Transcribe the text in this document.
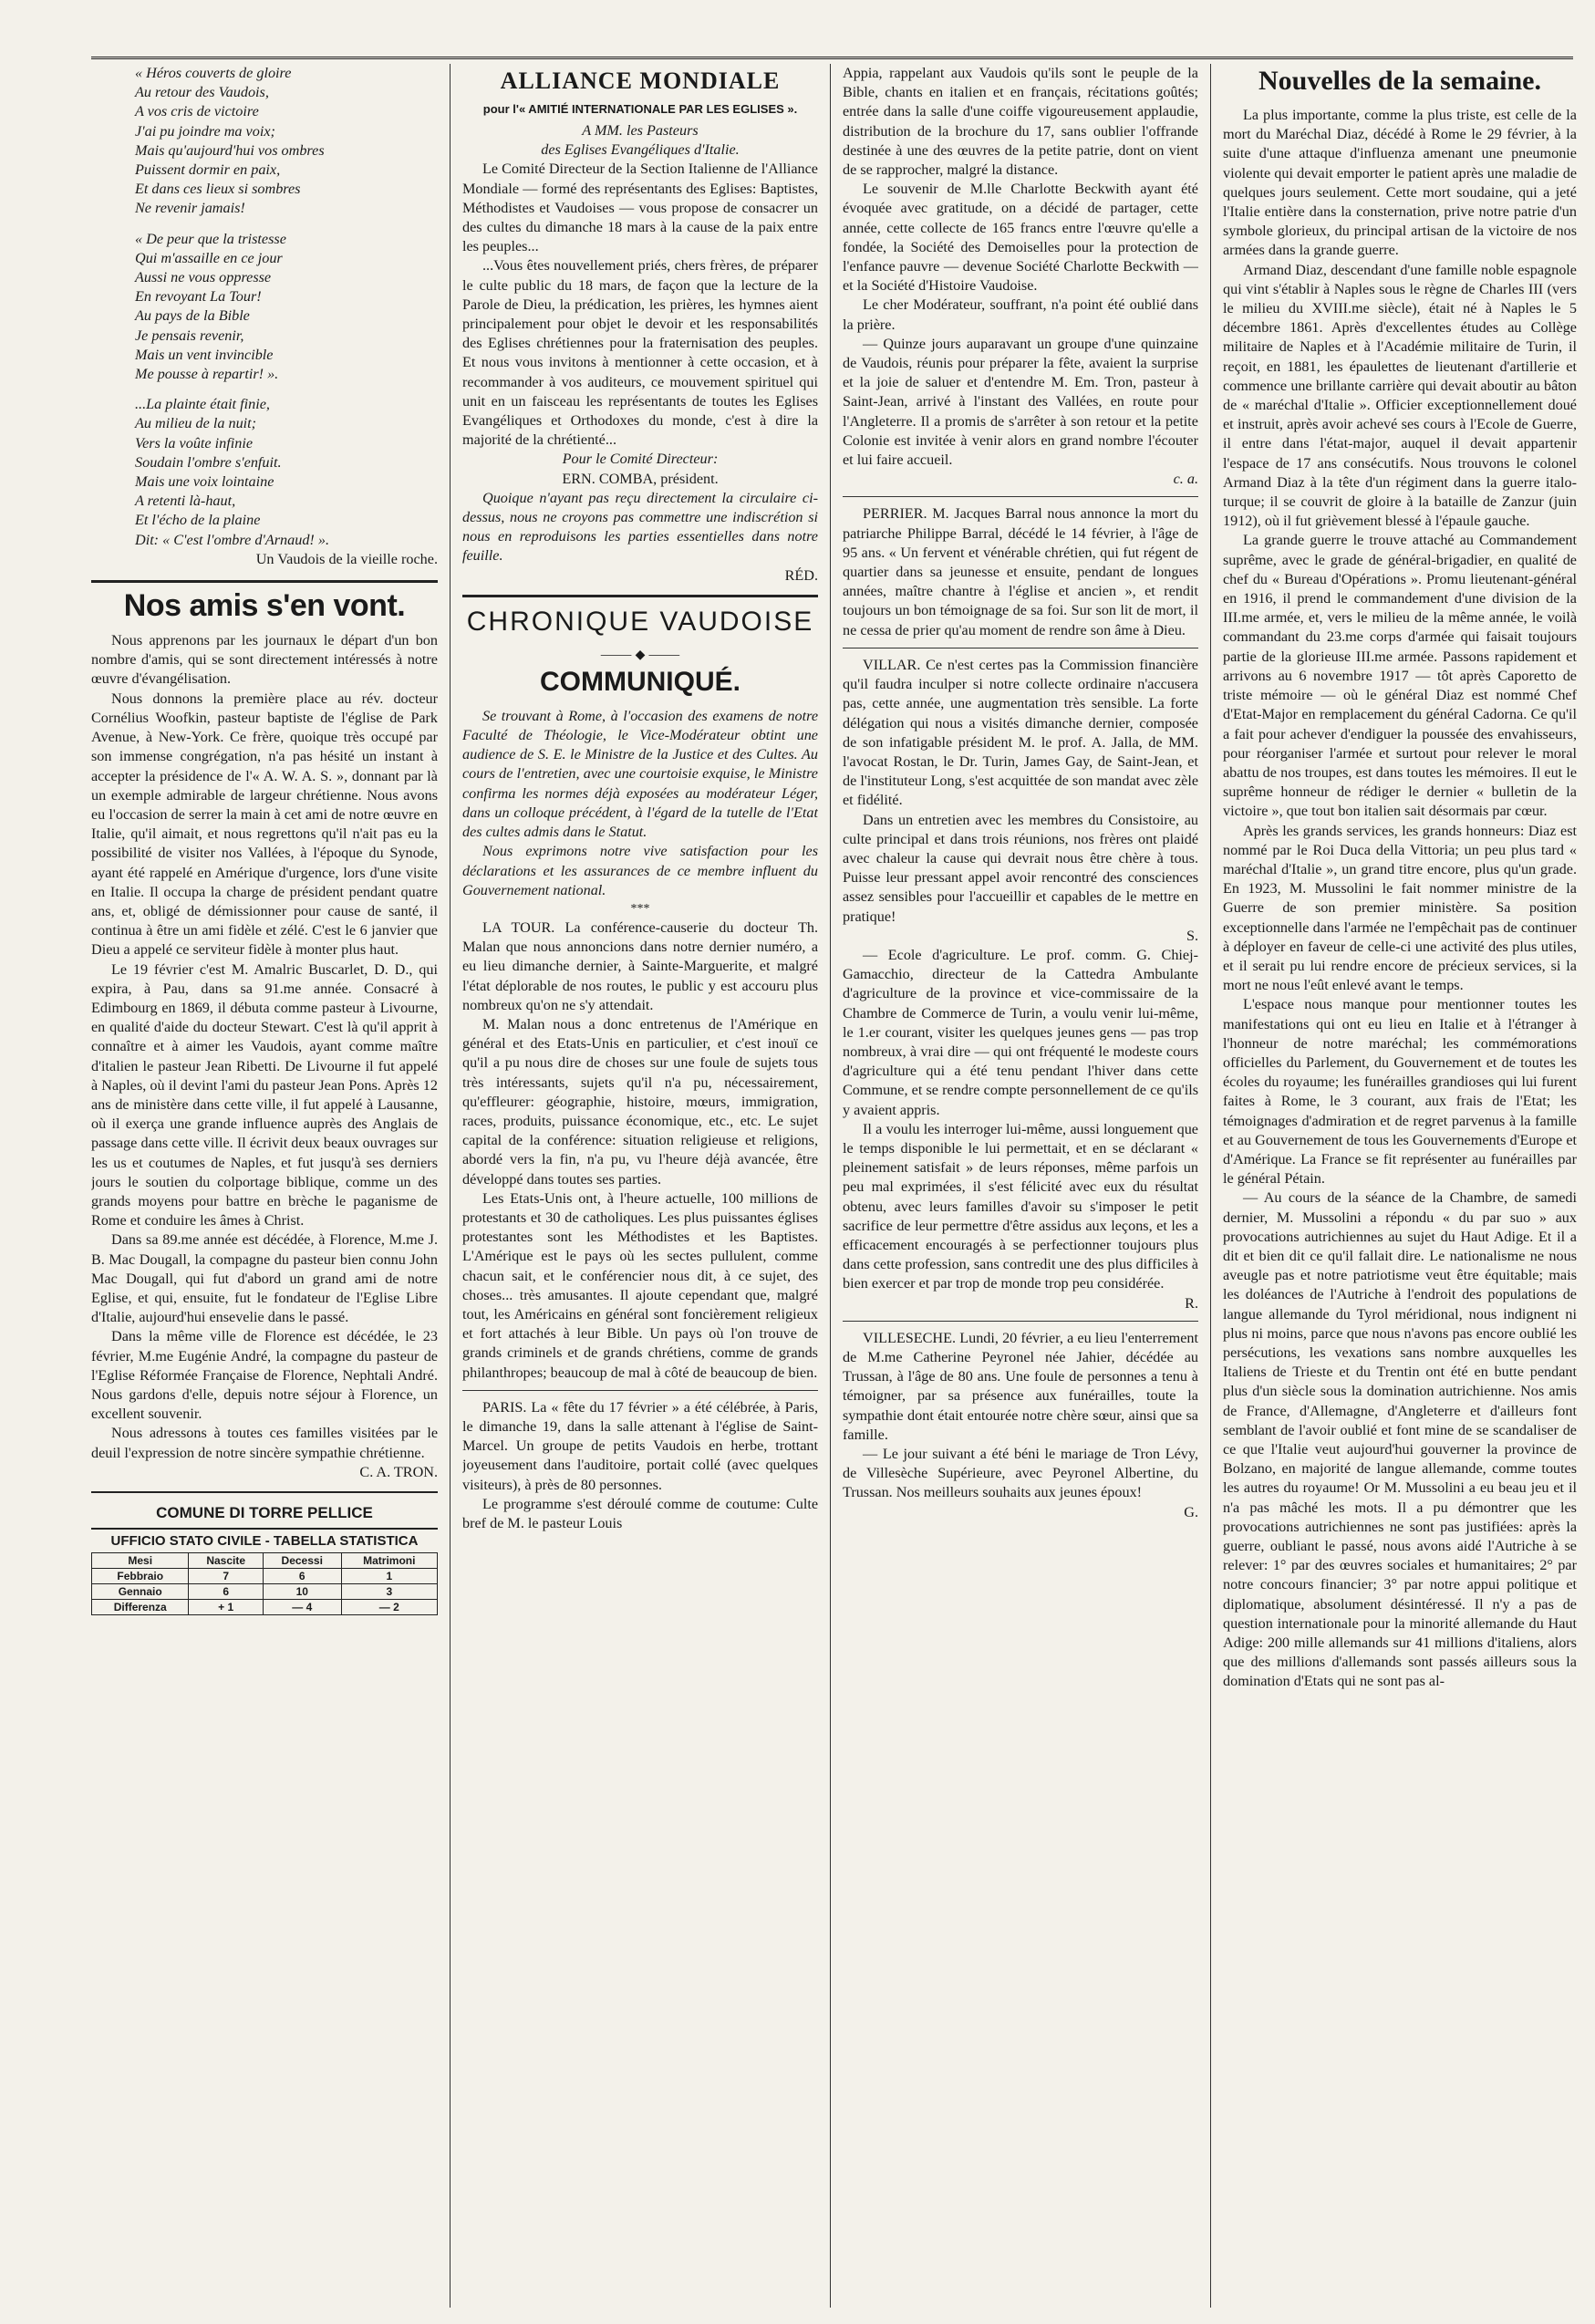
« Héros couverts de gloire

Au retour des Vaudois,

A vos cris de victoire

J'ai pu joindre ma voix;

Mais qu'aujourd'hui vos ombres

Puissent dormir en paix,

Et dans ces lieux si sombres

Ne revenir jamais!

« De peur que la tristesse

Qui m'assaille en ce jour

Aussi ne vous oppresse

En revoyant La Tour!

Au pays de la Bible

Je pensais revenir,

Mais un vent invincible

Me pousse à repartir! ».

...La plainte était finie,

Au milieu de la nuit;

Vers la voûte infinie

Soudain l'ombre s'enfuit.

Mais une voix lointaine

A retenti là-haut,

Et l'écho de la plaine

Dit: « C'est l'ombre d'Arnaud! ».

Un Vaudois de la vieille roche.

Nos amis s'en vont.

Nous apprenons par les journaux le départ d'un bon nombre d'amis, qui se sont directement intéressés à notre œuvre d'évangélisation.

Nous donnons la première place au rév. docteur Cornélius Woofkin, pasteur baptiste de l'église de Park Avenue, à New-York. Ce frère, quoique très occupé par son immense congrégation, n'a pas hésité un instant à accepter la présidence de l'« A. W. A. S. », donnant par là un exemple admirable de largeur chrétienne. Nous avons eu l'occasion de serrer la main à cet ami de notre œuvre en Italie, qu'il aimait, et nous regrettons qu'il n'ait pas eu la possibilité de visiter nos Vallées, à l'époque du Synode, ayant été rappelé en Amérique d'urgence, lors d'une visite en Italie. Il occupa la charge de président pendant quatre ans, et, obligé de démissionner pour cause de santé, il continua à être un ami fidèle et zélé. C'est le 6 janvier que Dieu a appelé ce serviteur fidèle à monter plus haut.

Le 19 février c'est M. Amalric Buscarlet, D. D., qui expira, à Pau, dans sa 91.me année. Consacré à Edimbourg en 1869, il débuta comme pasteur à Livourne, en qualité d'aide du docteur Stewart. C'est là qu'il apprit à connaître et à aimer les Vaudois, ayant comme maître d'italien le pasteur Jean Ribetti. De Livourne il fut appelé à Naples, où il devint l'ami du pasteur Jean Pons. Après 12 ans de ministère dans cette ville, il fut appelé à Lausanne, où il exerça une grande influence auprès des Anglais de passage dans cette ville. Il écrivit deux beaux ouvrages sur les us et coutumes de Naples, et fut jusqu'à ses derniers jours le soutien du colportage biblique, comme un des grands moyens pour battre en brèche le paganisme de Rome et conduire les âmes à Christ.

Dans sa 89.me année est décédée, à Florence, M.me J. B. Mac Dougall, la compagne du pasteur bien connu John Mac Dougall, qui fut d'abord un grand ami de notre Eglise, et qui, ensuite, fut le fondateur de l'Eglise Libre d'Italie, aujourd'hui ensevelie dans le passé.

Dans la même ville de Florence est décédée, le 23 février, M.me Eugénie André, la compagne du pasteur de l'Eglise Réformée Française de Florence, Nephtali André. Nous gardons d'elle, depuis notre séjour à Florence, un excellent souvenir.

Nous adressons à toutes ces familles visitées par le deuil l'expression de notre sincère sympathie chrétienne.

C. A. TRON.

COMUNE DI TORRE PELLICE
UFFICIO STATO CIVILE - TABELLA STATISTICA
Mesi	Nascite	Decessi	Matrimoni
Febbraio	7	6	1
Gennaio	6	10	3
Differenza	+ 1	— 4	— 2
ALLIANCE MONDIALE
pour l'« AMITIÉ INTERNATIONALE PAR LES EGLISES ».

A MM. les Pasteurs

des Eglises Evangéliques d'Italie.

Le Comité Directeur de la Section Italienne de l'Alliance Mondiale — formé des représentants des Eglises: Baptistes, Méthodistes et Vaudoises — vous propose de consacrer un des cultes du dimanche 18 mars à la cause de la paix entre les peuples...

...Vous êtes nouvellement priés, chers frères, de préparer le culte public du 18 mars, de façon que la lecture de la Parole de Dieu, la prédication, les prières, les hymnes aient principalement pour objet le devoir et les responsabilités des Eglises chrétiennes pour la fraternisation des peuples. Et nous vous invitons à mentionner à cette occasion, et à recommander à vos auditeurs, ce mouvement spirituel qui unit en un faisceau les représentants de toutes les Eglises Evangéliques et Orthodoxes du monde, c'est à dire la majorité de la chrétienté...

Pour le Comité Directeur:

ERN. COMBA, président.

Quoique n'ayant pas reçu directement la circulaire ci-dessus, nous ne croyons pas commettre une indiscrétion si nous en reproduisons les parties essentielles dans notre feuille.

RÉD.

CHRONIQUE VAUDOISE
⸻ ◆ ⸻
COMMUNIQUÉ.

Se trouvant à Rome, à l'occasion des examens de notre Faculté de Théologie, le Vice-Modérateur obtint une audience de S. E. le Ministre de la Justice et des Cultes. Au cours de l'entretien, avec une courtoisie exquise, le Ministre confirma les normes déjà exposées au modérateur Léger, dans un colloque précédent, à l'égard de la tutelle de l'Etat des cultes admis dans le Statut.

Nous exprimons notre vive satisfaction pour les déclarations et les assurances de ce membre influent du Gouvernement national.

***

LA TOUR. La conférence-causerie du docteur Th. Malan que nous annoncions dans notre dernier numéro, a eu lieu dimanche dernier, à Sainte-Marguerite, et malgré l'état déplorable de nos routes, le public y est accouru plus nombreux qu'on ne s'y attendait.

M. Malan nous a donc entretenus de l'Amérique en général et des Etats-Unis en particulier, et c'est inouï ce qu'il a pu nous dire de choses sur une foule de sujets tous très intéressants, sujets qu'il n'a pu, nécessairement, qu'effleurer: géographie, histoire, mœurs, immigration, races, produits, puissance économique, etc., etc. Le sujet capital de la conférence: situation religieuse et religions, abordé vers la fin, n'a pu, vu l'heure déjà avancée, être développé dans toutes ses parties.

Les Etats-Unis ont, à l'heure actuelle, 100 millions de protestants et 30 de catholiques. Les plus puissantes églises protestantes sont les Méthodistes et les Baptistes. L'Amérique est le pays où les sectes pullulent, comme chacun sait, et le conférencier nous dit, à ce sujet, des choses... très amusantes. Il ajoute cependant que, malgré tout, les Américains en général sont foncièrement religieux et fort attachés à leur Bible. Un pays où l'on trouve de grands criminels et de grands chrétiens, comme de grands philanthropes; beaucoup de mal à côté de beaucoup de bien.

PARIS. La « fête du 17 février » a été célébrée, à Paris, le dimanche 19, dans la salle attenant à l'église de Saint-Marcel. Un groupe de petits Vaudois en herbe, trottant joyeusement dans l'auditoire, portait collé (avec quelques visiteurs), à près de 80 personnes.

Le programme s'est déroulé comme de coutume: Culte bref de M. le pasteur Louis

Appia, rappelant aux Vaudois qu'ils sont le peuple de la Bible, chants en italien et en français, récitations goûtés; entrée dans la salle d'une coiffe vigoureusement applaudie, distribution de la brochure du 17, sans oublier l'offrande destinée à une des œuvres de la petite patrie, dont on vient de se rapprocher, malgré la distance.

Le souvenir de M.lle Charlotte Beckwith ayant été évoquée avec gratitude, on a décidé de partager, cette année, cette collecte de 165 francs entre l'œuvre qu'elle a fondée, la Société des Demoiselles pour la protection de l'enfance pauvre — devenue Société Charlotte Beckwith — et la Société d'Histoire Vaudoise.

Le cher Modérateur, souffrant, n'a point été oublié dans la prière.

— Quinze jours auparavant un groupe d'une quinzaine de Vaudois, réunis pour préparer la fête, avaient la surprise et la joie de saluer et d'entendre M. Em. Tron, pasteur à Saint-Jean, arrivé à l'instant des Vallées, en route pour l'Angleterre. Il a promis de s'arrêter à son retour et la petite Colonie est invitée à venir alors en grand nombre l'écouter et lui faire accueil.

c. a.

PERRIER. M. Jacques Barral nous annonce la mort du patriarche Philippe Barral, décédé le 14 février, à l'âge de 95 ans. « Un fervent et vénérable chrétien, qui fut régent de quartier dans sa jeunesse et ensuite, pendant de longues années, maître chantre à l'église et ancien », et rendit toujours un bon témoignage de sa foi. Sur son lit de mort, il ne cessa de prier qu'au moment de rendre son âme à Dieu.

VILLAR. Ce n'est certes pas la Commission financière qu'il faudra inculper si notre collecte ordinaire n'accusera pas, cette année, une augmentation très sensible. La forte délégation qui nous a visités dimanche dernier, composée de son infatigable président M. le prof. A. Jalla, de MM. l'avocat Rostan, le Dr. Turin, James Gay, de Saint-Jean, et de l'instituteur Long, s'est acquittée de son mandat avec zèle et fidélité.

Dans un entretien avec les membres du Consistoire, au culte principal et dans trois réunions, nos frères ont plaidé avec chaleur la cause qui devrait nous être chère à tous. Puisse leur pressant appel avoir rencontré des consciences assez sensibles pour l'accueillir et capables de le mettre en pratique!

S.

— Ecole d'agriculture. Le prof. comm. G. Chiej-Gamacchio, directeur de la Cattedra Ambulante d'agriculture de la province et vice-commissaire de la Chambre de Commerce de Turin, a voulu venir lui-même, le 1.er courant, visiter les quelques jeunes gens — pas trop nombreux, à vrai dire — qui ont fréquenté le modeste cours d'agriculture qui a été tenu pendant l'hiver dans cette Commune, et se rendre compte personnellement de ce qu'ils y avaient appris.

Il a voulu les interroger lui-même, aussi longuement que le temps disponible le lui permettait, et en se déclarant « pleinement satisfait » de leurs réponses, même parfois un peu mal exprimées, il s'est félicité avec eux du résultat obtenu, avec leurs familles d'avoir su s'imposer le petit sacrifice de leur permettre d'être assidus aux leçons, et les a efficacement encouragés à se perfectionner toujours plus dans cette profession, sans contredit une des plus difficiles à bien exercer et par trop de monde trop peu considérée.

R.

VILLESECHE. Lundi, 20 février, a eu lieu l'enterrement de M.me Catherine Peyronel née Jahier, décédée au Trussan, à l'âge de 80 ans. Une foule de personnes a tenu à témoigner, par sa présence aux funérailles, toute la sympathie dont était entourée notre chère sœur, ainsi que sa famille.

— Le jour suivant a été béni le mariage de Tron Lévy, de Villesèche Supérieure, avec Peyronel Albertine, du Trussan. Nos meilleurs souhaits aux jeunes époux!

G.

Nouvelles de la semaine.

La plus importante, comme la plus triste, est celle de la mort du Maréchal Diaz, décédé à Rome le 29 février, à la suite d'une attaque d'influenza amenant une pneumonie violente qui devait emporter le patient après une maladie de quelques jours seulement. Cette mort soudaine, qui a jeté l'Italie entière dans la consternation, prive notre patrie d'un symbole glorieux, du principal artisan de la victoire de nos armées dans la grande guerre.

Armand Diaz, descendant d'une famille noble espagnole qui vint s'établir à Naples sous le règne de Charles III (vers le milieu du XVIII.me siècle), était né à Naples le 5 décembre 1861. Après d'excellentes études au Collège militaire de Naples et à l'Académie militaire de Turin, il reçoit, en 1881, les épaulettes de lieutenant d'artillerie et commence une brillante carrière qui devait aboutir au bâton de « maréchal d'Italie ». Officier exceptionnellement doué et instruit, après avoir achevé ses cours à l'Ecole de Guerre, il entre dans l'état-major, auquel il devait appartenir l'espace de 17 ans consécutifs. Nous trouvons le colonel Armand Diaz à la tête d'un régiment dans la guerre italo-turque; il se couvrit de gloire à la bataille de Zanzur (juin 1912), où il fut grièvement blessé à l'épaule gauche.

La grande guerre le trouve attaché au Commandement suprême, avec le grade de général-brigadier, en qualité de chef du « Bureau d'Opérations ». Promu lieutenant-général en 1916, il prend le commandement d'une division de la III.me armée, et, vers le milieu de la même année, le voilà commandant du 23.me corps d'armée qui faisait toujours partie de la glorieuse III.me armée. Passons rapidement et arrivons au 6 novembre 1917 — tôt après Caporetto de triste mémoire — où le général Diaz est nommé Chef d'Etat-Major en remplacement du général Cadorna. Ce qu'il a fait pour achever d'endiguer la poussée des envahisseurs, pour réorganiser l'armée et surtout pour relever le moral abattu de nos troupes, est dans toutes les mémoires. Il eut le suprême honneur de rédiger le dernier « bulletin de la victoire », que tout bon italien sait désormais par cœur.

Après les grands services, les grands honneurs: Diaz est nommé par le Roi Duca della Vittoria; un peu plus tard « maréchal d'Italie », un grand titre encore, plus qu'un grade. En 1923, M. Mussolini le fait nommer ministre de la Guerre de son premier ministère. Sa position exceptionnelle dans l'armée ne l'empêchait pas de continuer à déployer en faveur de celle-ci une activité des plus utiles, et il serait pu lui rendre encore de précieux services, si la mort ne nous l'eût enlevé avant le temps.

L'espace nous manque pour mentionner toutes les manifestations qui ont eu lieu en Italie et à l'étranger à l'honneur de notre maréchal; les commémorations officielles du Parlement, du Gouvernement et de toutes les écoles du royaume; les funérailles grandioses qui lui furent faites à Rome, le 3 courant, aux frais de l'Etat; les témoignages d'admiration et de regret parvenus à la famille et au Gouvernement de tous les Gouvernements d'Europe et d'Amérique. La France se fit représenter au funérailles par le général Pétain.

— Au cours de la séance de la Chambre, de samedi dernier, M. Mussolini a répondu « du par suo » aux provocations autrichiennes au sujet du Haut Adige. Et il a dit et bien dit ce qu'il fallait dire. Le nationalisme ne nous aveugle pas et notre patriotisme veut être équitable; mais les doléances de l'Autriche à l'endroit des populations de langue allemande du Tyrol méridional, nous indignent ni plus ni moins, parce que nous n'avons pas encore oublié les persécutions, les vexations sans nombre auxquelles les Italiens de Trieste et du Trentin ont été en butte pendant plus d'un siècle sous la domination autrichienne. Nos amis de France, d'Allemagne, d'Angleterre et d'ailleurs font semblant de l'avoir oublié et font mine de se scandaliser de ce que l'Italie veut aujourd'hui gouverner la province de Bolzano, en majorité de langue allemande, comme toutes les autres du royaume! Or M. Mussolini a eu beau jeu et il n'a pas mâché les mots. Il a pu démontrer que les provocations autrichiennes ne sont pas justifiées: après la guerre, oubliant le passé, nous avons aidé l'Autriche à se relever: 1° par des œuvres sociales et humanitaires; 2° par notre concours financier; 3° par notre appui politique et diplomatique, absolument désintéressé. Il n'y a pas de question internationale pour la minorité allemande du Haut Adige: 200 mille allemands sur 41 millions d'italiens, alors que des millions d'allemands sont passés ailleurs sous la domination d'Etats qui ne sont pas al-
